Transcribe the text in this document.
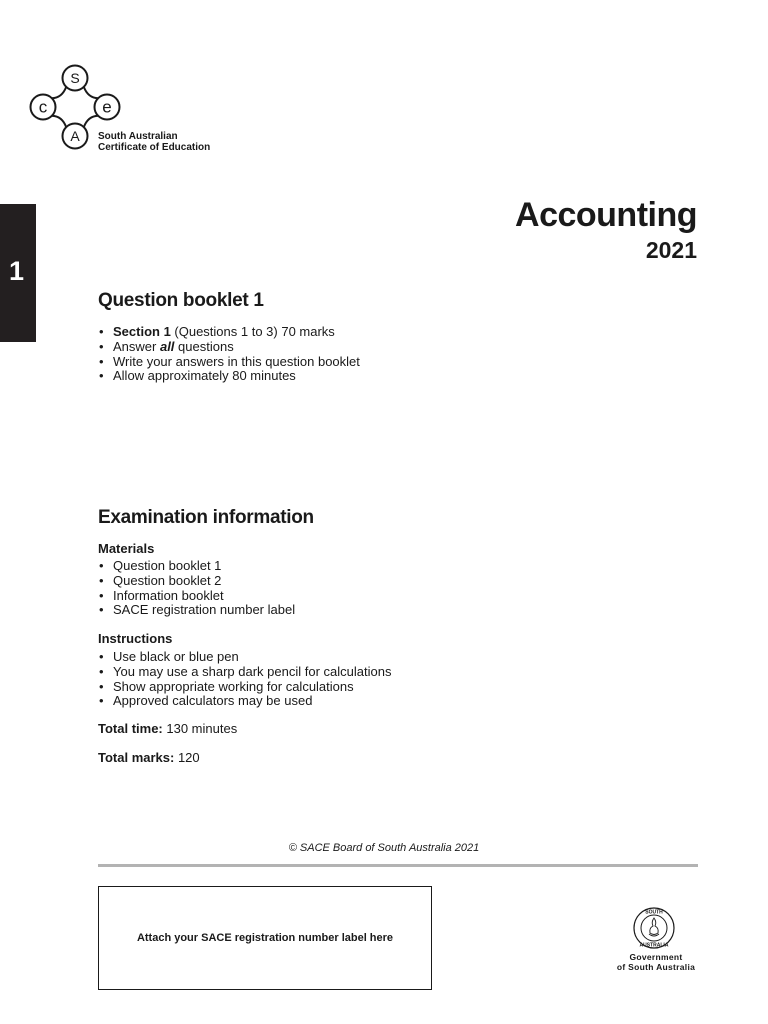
S
c	e
A South Australian
Certificate of Education
1
Accounting
2021
Question booklet 1
• Section 1 (Questions 1 to 3) 70 marks
• Answer all questions
• Write your answers in this question booklet
• Allow approximately 80 minutes
Examination information
Materials
• Question booklet 1
• Question booklet 2
• Information booklet
• SACE registration number label
Instructions
• Use black or blue pen
• You may use a sharp dark pencil for calculations
• Show appropriate working for calculations
• Approved calculators may be used
Total time: 130 minutes
Total marks: 120
© SACE Board of South Australia 2021
Attach your SACE registration number label here
SOUTH
AUSTRALIA
Government
of South Australia
